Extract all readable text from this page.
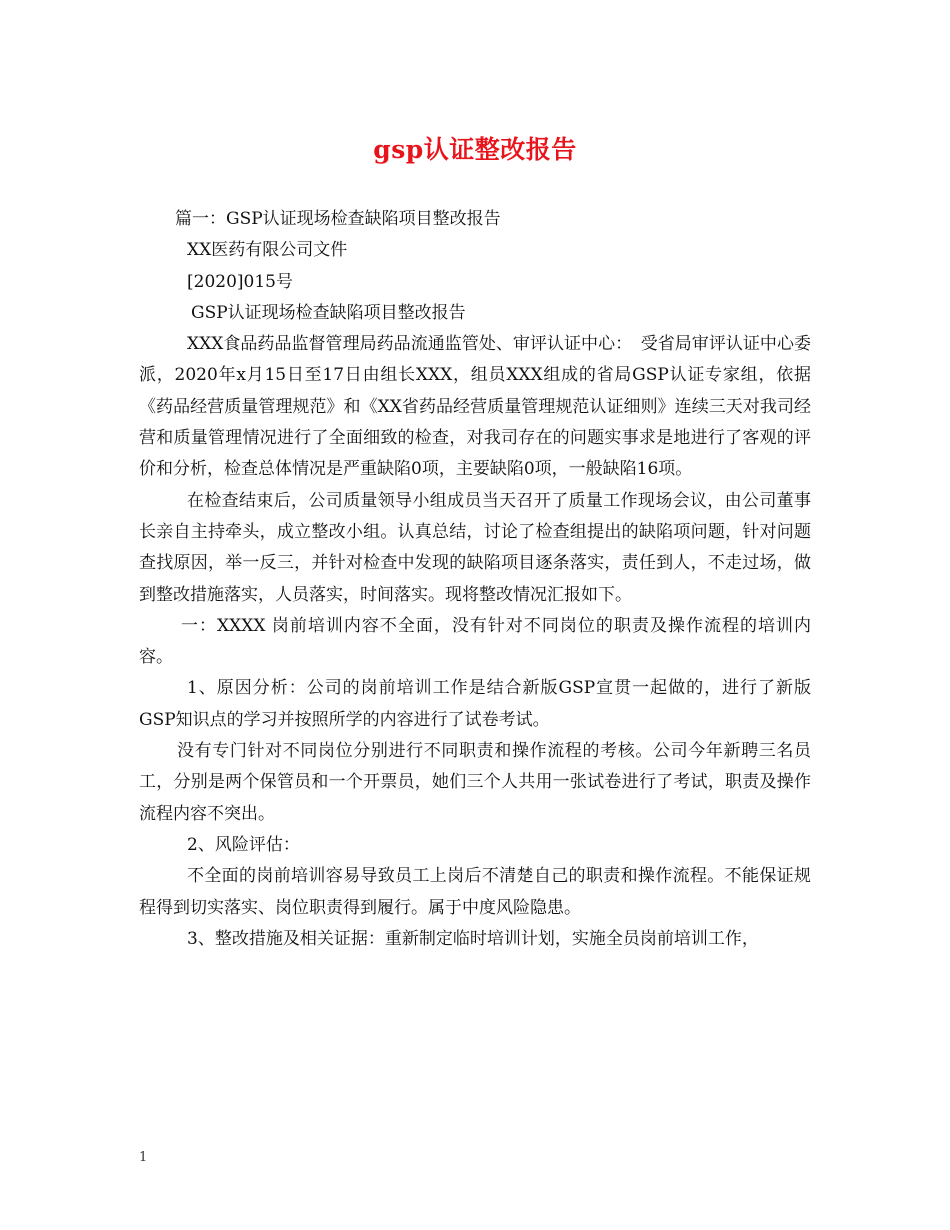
gsp认证整改报告

篇一：GSP认证现场检查缺陷项目整改报告

XX医药有限公司文件

[2020]015号

GSP认证现场检查缺陷项目整改报告

XXX食品药品监督管理局药品流通监管处、审评认证中心：　受省局审评认证中心委派，2020年x月15日至17日由组长XXX，组员XXX组成的省局GSP认证专家组，依据《药品经营质量管理规范》和《XX省药品经营质量管理规范认证细则》连续三天对我司经营和质量管理情况进行了全面细致的检查，对我司存在的问题实事求是地进行了客观的评价和分析，检查总体情况是严重缺陷0项，主要缺陷0项，一般缺陷16项。

在检查结束后，公司质量领导小组成员当天召开了质量工作现场会议，由公司董事长亲自主持牵头，成立整改小组。认真总结，讨论了检查组提出的缺陷项问题，针对问题查找原因，举一反三，并针对检查中发现的缺陷项目逐条落实，责任到人，不走过场，做到整改措施落实，人员落实，时间落实。现将整改情况汇报如下。

一：XXXX 岗前培训内容不全面，没有针对不同岗位的职责及操作流程的培训内容。

1、原因分析：公司的岗前培训工作是结合新版GSP宣贯一起做的，进行了新版GSP知识点的学习并按照所学的内容进行了试卷考试。

没有专门针对不同岗位分别进行不同职责和操作流程的考核。公司今年新聘三名员工，分别是两个保管员和一个开票员，她们三个人共用一张试卷进行了考试，职责及操作流程内容不突出。

2、风险评估：

不全面的岗前培训容易导致员工上岗后不清楚自己的职责和操作流程。不能保证规程得到切实落实、岗位职责得到履行。属于中度风险隐患。

3、整改措施及相关证据：重新制定临时培训计划，实施全员岗前培训工作，

1
